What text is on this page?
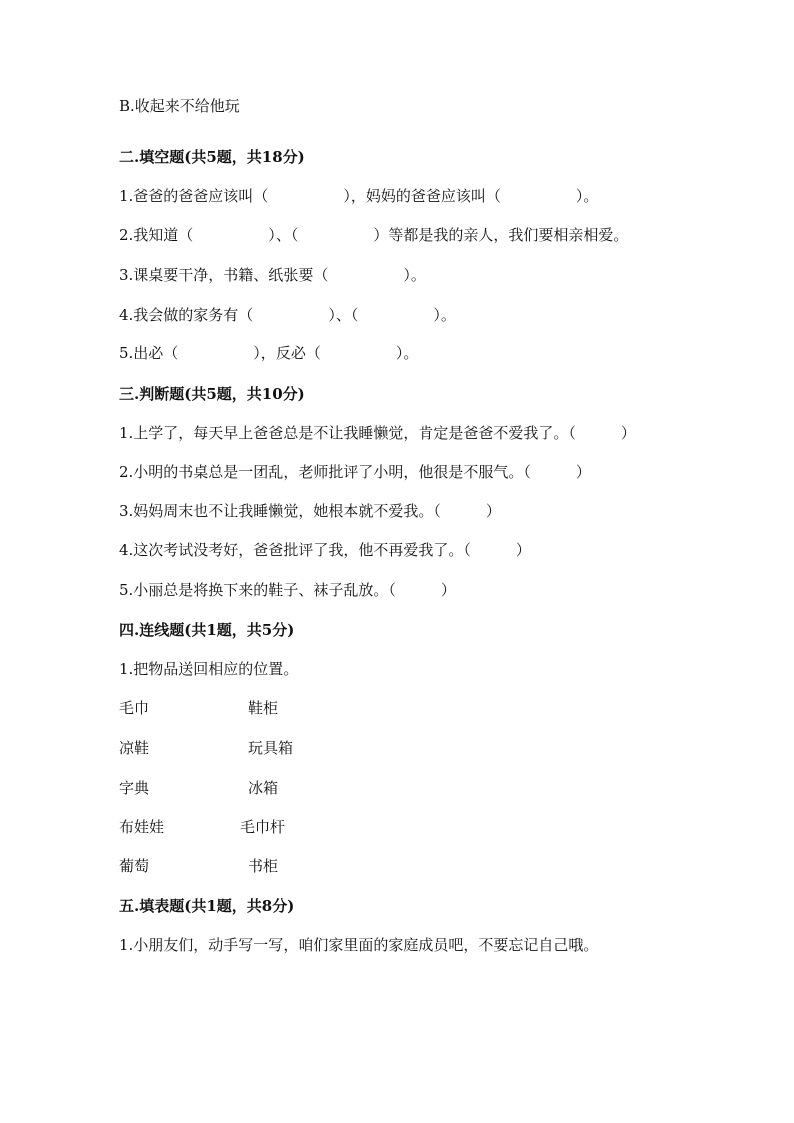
B.收起来不给他玩
二.填空题(共5题，共18分)
1.爸爸的爸爸应该叫（　　　　　），妈妈的爸爸应该叫（　　　　　）。
2.我知道（　　　　　）、（　　　　　）等都是我的亲人，我们要相亲相爱。
3.课桌要干净，书籍、纸张要（　　　　　）。
4.我会做的家务有（　　　　　）、（　　　　　）。
5.出必（　　　　　），反必（　　　　　）。
三.判断题(共5题，共10分)
1.上学了，每天早上爸爸总是不让我睡懒觉，肯定是爸爸不爱我了。（　　　）
2.小明的书桌总是一团乱，老师批评了小明，他很是不服气。（　　　）
3.妈妈周末也不让我睡懒觉，她根本就不爱我。（　　　）
4.这次考试没考好，爸爸批评了我，他不再爱我了。（　　　）
5.小丽总是将换下来的鞋子、袜子乱放。（　　　）
四.连线题(共1题，共5分)
1.把物品送回相应的位置。
毛巾	鞋柜
凉鞋	玩具箱
字典	冰箱
布娃娃	毛巾杆
葡萄	书柜
五.填表题(共1题，共8分)
1.小朋友们，动手写一写，咱们家里面的家庭成员吧，不要忘记自己哦。
